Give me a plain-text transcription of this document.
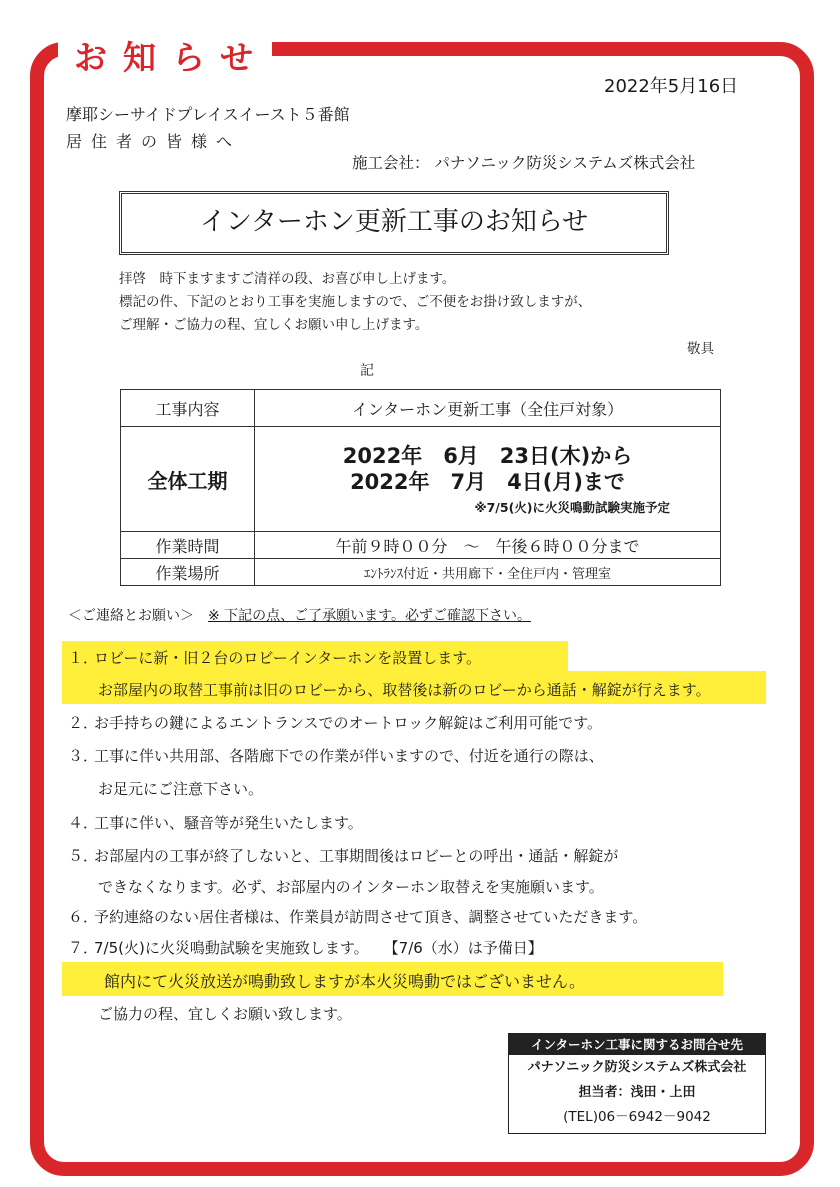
お知らせ
2022年5月16日
摩耶シーサイドプレイスイースト５番館
居住者の皆様へ
施工会社： パナソニック防災システムズ株式会社
インターホン更新工事のお知らせ
拝啓　時下ますますご清祥の段、お喜び申し上げます。
標記の件、下記のとおり工事を実施しますので、ご不便をお掛け致しますが、
ご理解・ご協力の程、宜しくお願い申し上げます。
敬具
記
工事内容	インターホン更新工事（全住戸対象）
全体工期	2022年　6月　23日(木)から
2022年　7月　4日(月)まで
※7/5(火)に火災鳴動試験実施予定

作業時間	午前９時００分　～　午後６時００分まで
作業場所	ｴﾝﾄﾗﾝｽ付近・共用廊下・全住戸内・管理室
＜ご連絡とお願い＞ ※ 下記の点、ご了承願います。必ずご確認下さい。
１．ロビーに新・旧２台のロビーインターホンを設置します。
お部屋内の取替工事前は旧のロビーから、取替後は新のロビーから通話・解錠が行えます。
２．お手持ちの鍵によるエントランスでのオートロック解錠はご利用可能です。
３．工事に伴い共用部、各階廊下での作業が伴いますので、付近を通行の際は、
お足元にご注意下さい。
４．工事に伴い、騒音等が発生いたします。
５．お部屋内の工事が終了しないと、工事期間後はロビーとの呼出・通話・解錠が
できなくなります。必ず、お部屋内のインターホン取替えを実施願います。
６．予約連絡のない居住者様は、作業員が訪問させて頂き、調整させていただきます。
７．7/5(火)に火災鳴動試験を実施致します。　　【7/6（水）は予備日】
館内にて火災放送が鳴動致しますが本火災鳴動ではございません。
ご協力の程、宜しくお願い致します。
インターホン工事に関するお問合せ先
パナソニック防災システムズ株式会社
担当者：浅田・上田
(TEL)06－6942－9042
